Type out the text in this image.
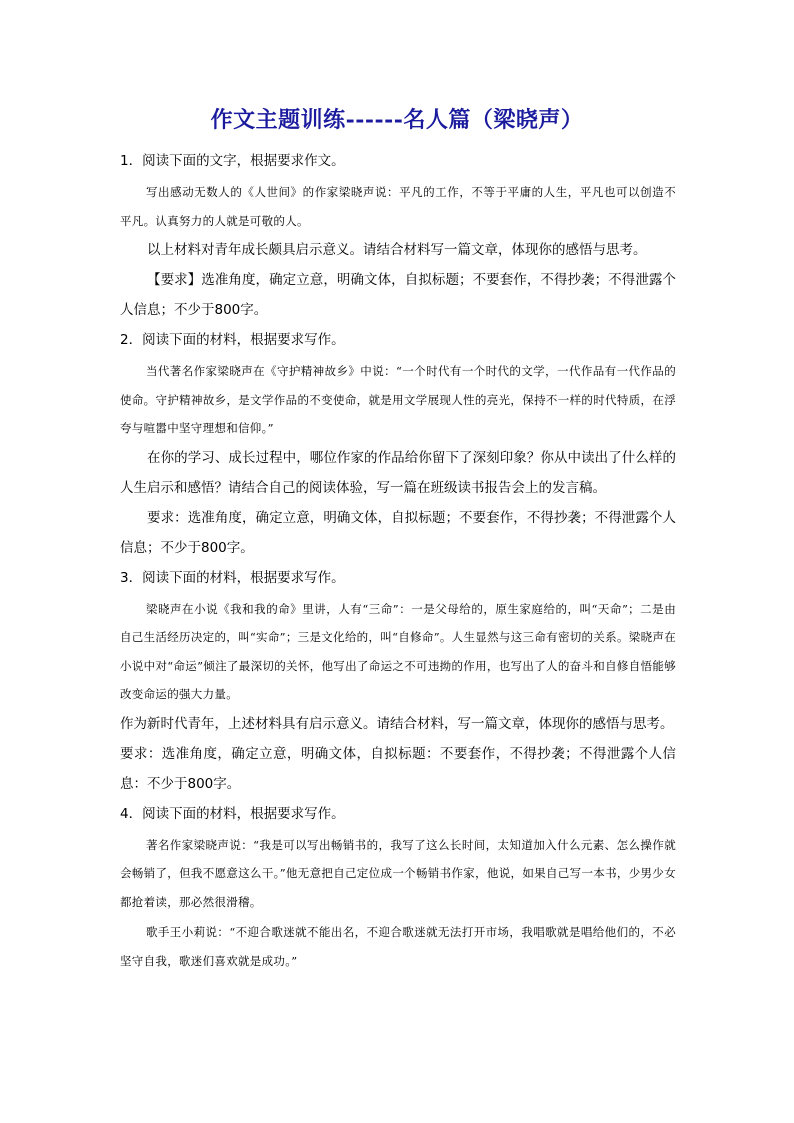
作文主题训练------名人篇（梁晓声）

1．阅读下面的文字，根据要求作文。

写出感动无数人的《人世间》的作家梁晓声说：平凡的工作，不等于平庸的人生，平凡也可以创造不平凡。认真努力的人就是可敬的人。

以上材料对青年成长颇具启示意义。请结合材料写一篇文章，体现你的感悟与思考。

【要求】选准角度，确定立意，明确文体，自拟标题；不要套作，不得抄袭；不得泄露个人信息；不少于800字。

2．阅读下面的材料，根据要求写作。

当代著名作家梁晓声在《守护精神故乡》中说：“一个时代有一个时代的文学，一代作品有一代作品的使命。守护精神故乡，是文学作品的不变使命，就是用文学展现人性的亮光，保持不一样的时代特质，在浮夸与喧嚣中坚守理想和信仰。”

在你的学习、成长过程中，哪位作家的作品给你留下了深刻印象？你从中读出了什么样的人生启示和感悟？请结合自己的阅读体验，写一篇在班级读书报告会上的发言稿。

要求：选准角度，确定立意，明确文体，自拟标题；不要套作，不得抄袭；不得泄露个人信息；不少于800字。

3．阅读下面的材料，根据要求写作。

梁晓声在小说《我和我的命》里讲，人有“三命”：一是父母给的，原生家庭给的，叫“天命”；二是由自己生活经历决定的，叫“实命”；三是文化给的，叫“自修命”。人生显然与这三命有密切的关系。梁晓声在小说中对“命运”倾注了最深切的关怀，他写出了命运之不可违拗的作用，也写出了人的奋斗和自修自悟能够改变命运的强大力量。

作为新时代青年，上述材料具有启示意义。请结合材料，写一篇文章，体现你的感悟与思考。

要求：选准角度，确定立意，明确文体，自拟标题：不要套作，不得抄袭；不得泄露个人信息：不少于800字。

4．阅读下面的材料，根据要求写作。

著名作家梁晓声说：“我是可以写出畅销书的，我写了这么长时间，太知道加入什么元素、怎么操作就会畅销了，但我不愿意这么干。”他无意把自己定位成一个畅销书作家，他说，如果自己写一本书，少男少女都抢着读，那必然很滑稽。

歌手王小莉说：“不迎合歌迷就不能出名，不迎合歌迷就无法打开市场，我唱歌就是唱给他们的，不必坚守自我，歌迷们喜欢就是成功。”
